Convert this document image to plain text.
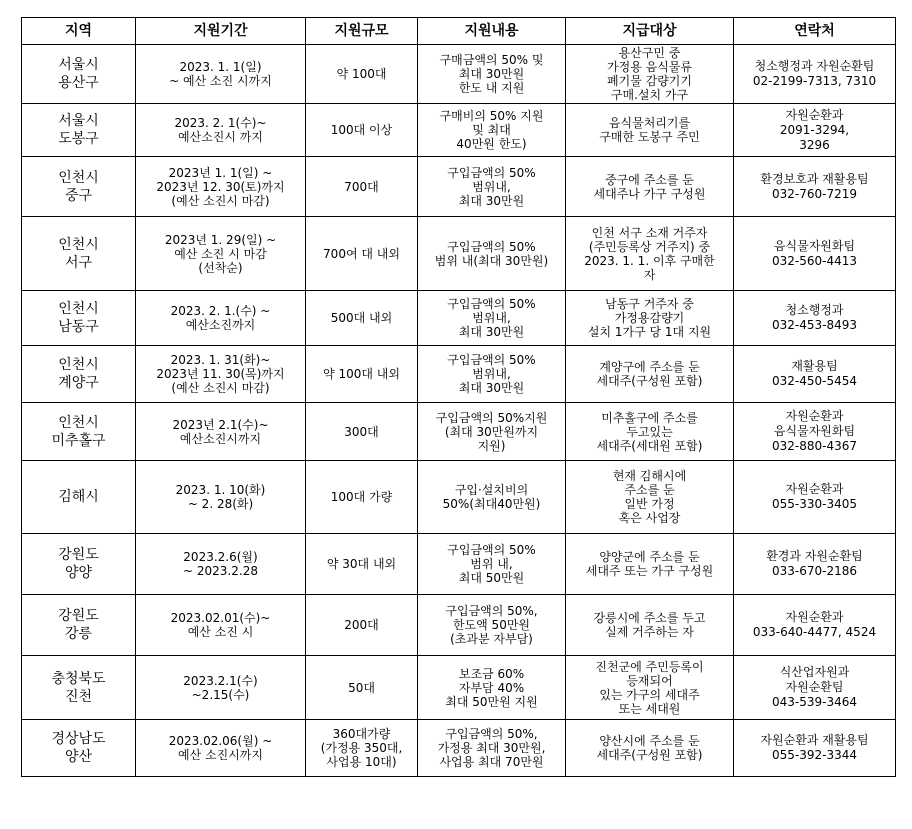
지역	지원기간	지원규모	지원내용	지급대상	연락처

서울시
용산구	2023. 1. 1(일)
~ 예산 소진 시까지	약 100대	구매금액의 50% 및
최대 30만원
한도 내 지원	용산구민 중
가정용 음식물류
폐기물 감량기기
구매.설치 가구	청소행정과 자원순환팀
02-2199-7313, 7310

서울시
도봉구	2023. 2. 1(수)~
예산소진시 까지	100대 이상	구매비의 50% 지원
및 최대
40만원 한도)	음식물처리기를
구매한 도봉구 주민	자원순환과
2091-3294,
3296

인천시
중구	2023년 1. 1(일) ~
2023년 12. 30(토)까지
(예산 소진시 마감)	700대	구입금액의 50%
범위내,
최대 30만원	중구에 주소를 둔
세대주나 가구 구성원	환경보호과 재활용팀
032-760-7219

인천시
서구	2023년 1. 29(일) ~
예산 소진 시 마감
(선착순)	700여 대 내외	구입금액의 50%
범위 내(최대 30만원)	인천 서구 소재 거주자
(주민등록상 거주지) 중
2023. 1. 1. 이후 구매한
자	음식물자원화팀
032-560-4413

인천시
남동구	2023. 2. 1.(수) ~
예산소진까지	500대 내외	구입금액의 50%
범위내,
최대 30만원	남동구 거주자 중
가정용감량기
설치 1가구 당 1대 지원	청소행정과
032-453-8493

인천시
계양구	2023. 1. 31(화)~
2023년 11. 30(목)까지
(예산 소진시 마감)	약 100대 내외	구입금액의 50%
범위내,
최대 30만원	계양구에 주소를 둔
세대주(구성원 포함)	재활용팀
032-450-5454

인천시
미추홀구	2023년 2.1(수)~
예산소진시까지	300대	구입금액의 50%지원
(최대 30만원까지
지원)	미추홀구에 주소를
두고있는
세대주(세대원 포함)	자원순환과
음식물자원화팀
032-880-4367

김해시	2023. 1. 10(화)
~ 2. 28(화)	100대 가량	구입·설치비의
50%(최대40만원)	현재 김해시에
주소를 둔
일반 가정
혹은 사업장	자원순환과
055-330-3405

강원도
양양	2023.2.6(월)
~ 2023.2.28	약 30대 내외	구입금액의 50%
범위 내,
최대 50만원	양양군에 주소를 둔
세대주 또는 가구 구성원	환경과 자원순환팀
033-670-2186

강원도
강릉	2023.02.01(수)~
예산 소진 시	200대	구입금액의 50%,
한도액 50만원
(초과분 자부담)	강릉시에 주소를 두고
실제 거주하는 자	자원순환과
033-640-4477, 4524

충청북도
진천	2023.2.1(수)
~2.15(수)	50대	보조금 60%
자부담 40%
최대 50만원 지원	진천군에 주민등록이
등재되어
있는 가구의 세대주
또는 세대원	식산업자원과
자원순환팀
043-539-3464

경상남도
양산	2023.02.06(월) ~
예산 소진시까지	360대가량
(가정용 350대,
사업용 10대)	구입금액의 50%,
가정용 최대 30만원,
사업용 최대 70만원	양산시에 주소를 둔
세대주(구성원 포함)	자원순환과 재활용팀
055-392-3344
